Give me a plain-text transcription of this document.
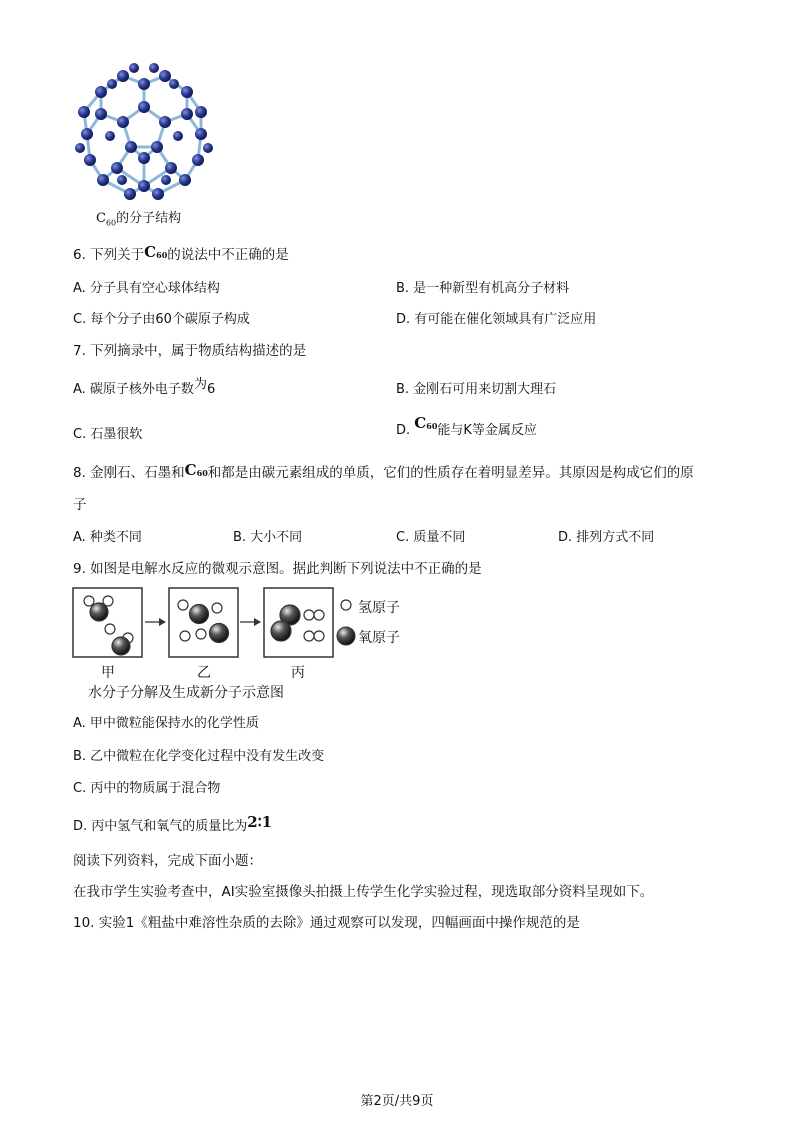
$C_{60}$的分子结构
6. 下列关于$C_{60}$的说法中不正确的是
A. 分子具有空心球体结构	B. 是一种新型有机高分子材料
C. 每个分子由60个碳原子构成	D. 有可能在催化领域具有广泛应用
7. 下列摘录中，属于物质结构描述的是
A. 碳原子核外电子数为6	B. 金刚石可用来切割大理石
C. 石墨很软	D. $C_{60}$能与K等金属反应
8. 金刚石、石墨和$C_{60}$和都是由碳元素组成的单质，它们的性质存在着明显差异。其原因是构成它们的原
子
A. 种类不同	B. 大小不同	C. 质量不同	D. 排列方式不同
9. 如图是电解水反应的微观示意图。据此判断下列说法中不正确的是
氢原子
氧原子
甲	乙	丙
水分子分解及生成新分子示意图
A. 甲中微粒能保持水的化学性质
B. 乙中微粒在化学变化过程中没有发生改变
C. 丙中的物质属于混合物
D. 丙中氢气和氧气的质量比为2∶1
阅读下列资料，完成下面小题：
在我市学生实验考查中，AI实验室摄像头拍摄上传学生化学实验过程，现选取部分资料呈现如下。
10. 实验1《粗盐中难溶性杂质的去除》通过观察可以发现，四幅画面中操作规范的是
第2页/共9页
